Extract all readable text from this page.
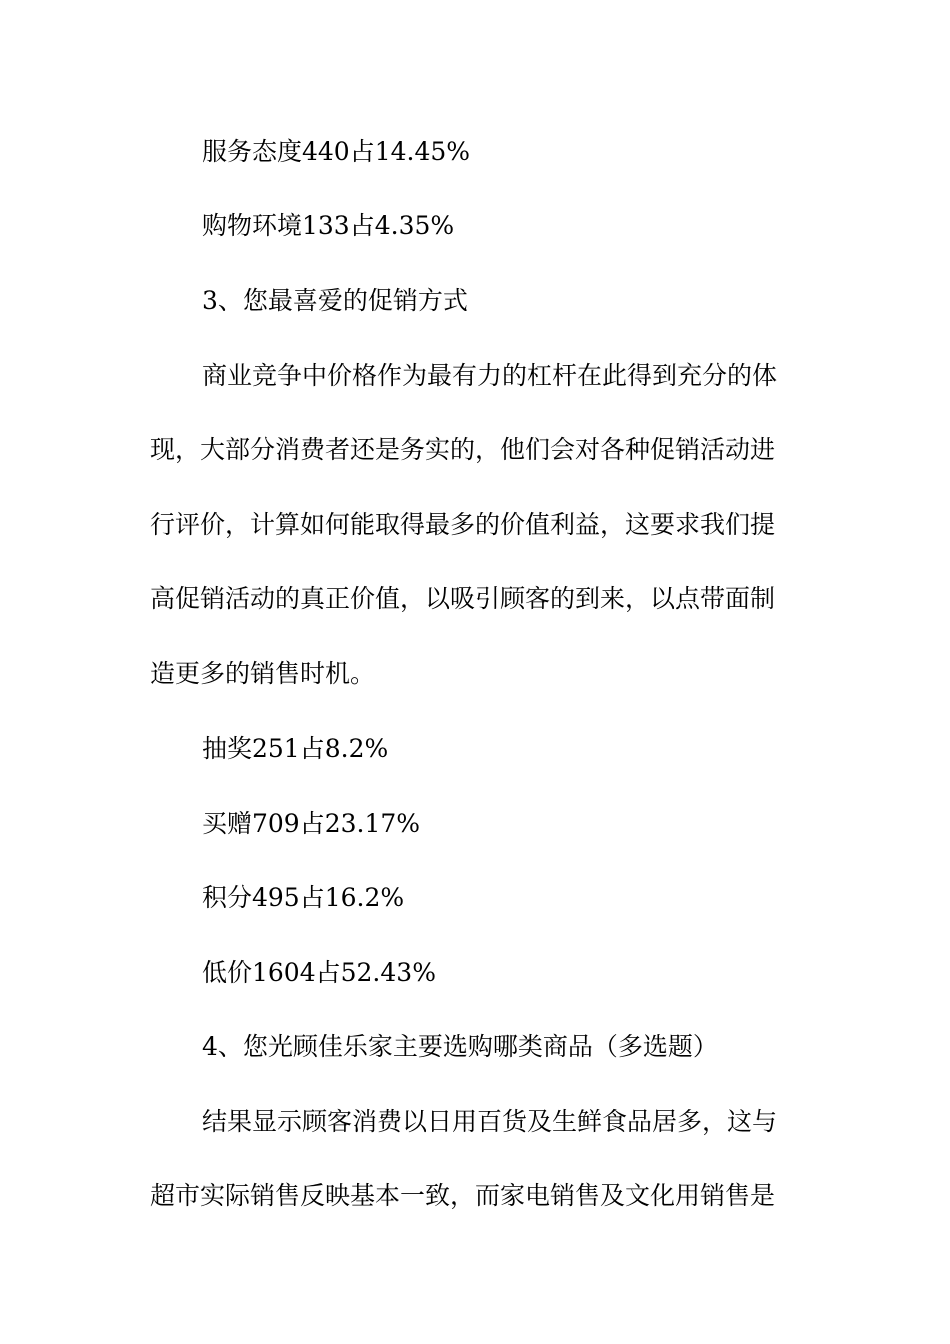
服务态度440占14.45%
购物环境133占4.35%
3、您最喜爱的促销方式
商业竞争中价格作为最有力的杠杆在此得到充分的体
现，大部分消费者还是务实的，他们会对各种促销活动进
行评价，计算如何能取得最多的价值利益，这要求我们提
高促销活动的真正价值，以吸引顾客的到来，以点带面制
造更多的销售时机。
抽奖251占8.2%
买赠709占23.17%
积分495占16.2%
低价1604占52.43%
4、您光顾佳乐家主要选购哪类商品（多选题）
结果显示顾客消费以日用百货及生鲜食品居多，这与
超市实际销售反映基本一致，而家电销售及文化用销售是
